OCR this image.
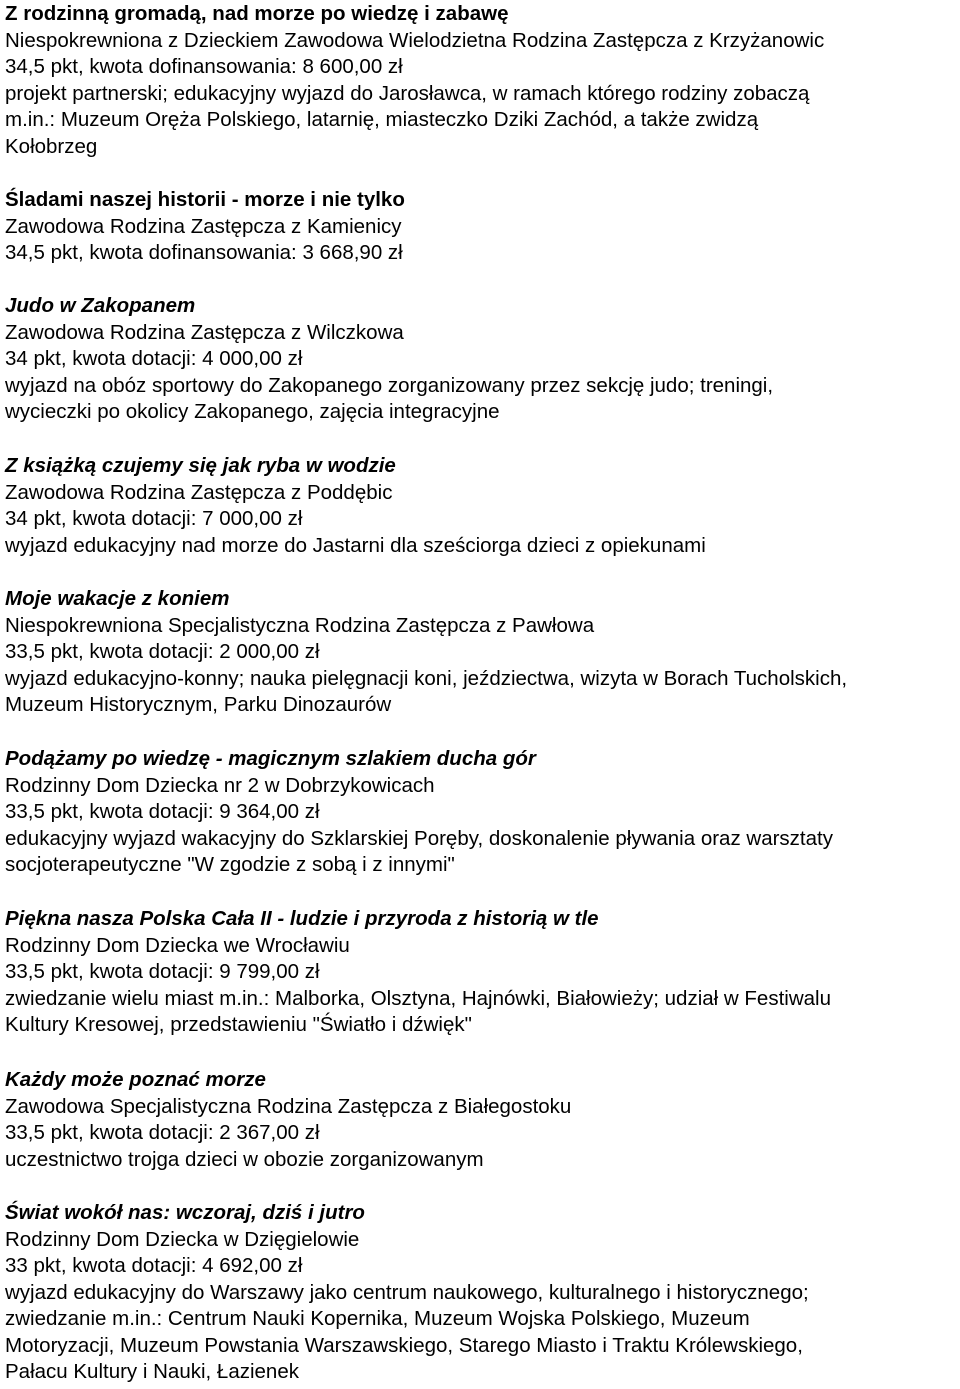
Z rodzinną gromadą, nad morze po wiedzę i zabawę
Niespokrewniona z Dzieckiem Zawodowa Wielodzietna Rodzina Zastępcza z Krzyżanowic
34,5 pkt, kwota dofinansowania: 8 600,00 zł
projekt partnerski; edukacyjny wyjazd do Jarosławca, w ramach którego rodziny zobaczą
m.in.: Muzeum Oręża Polskiego, latarnię, miasteczko Dziki Zachód, a także zwidzą
Kołobrzeg
Śladami naszej historii - morze i nie tylko
Zawodowa Rodzina Zastępcza z Kamienicy
34,5 pkt, kwota dofinansowania: 3 668,90 zł
Judo w Zakopanem
Zawodowa Rodzina Zastępcza z Wilczkowa
34 pkt, kwota dotacji: 4 000,00 zł
wyjazd na obóz sportowy do Zakopanego zorganizowany przez sekcję judo; treningi,
wycieczki po okolicy Zakopanego, zajęcia integracyjne
Z książką czujemy się jak ryba w wodzie
Zawodowa Rodzina Zastępcza z Poddębic
34 pkt, kwota dotacji: 7 000,00 zł
wyjazd edukacyjny nad morze do Jastarni dla sześciorga dzieci z opiekunami
Moje wakacje z koniem
Niespokrewniona Specjalistyczna Rodzina Zastępcza z Pawłowa
33,5 pkt, kwota dotacji: 2 000,00 zł
wyjazd edukacyjno-konny; nauka pielęgnacji koni, jeździectwa, wizyta w Borach Tucholskich,
Muzeum Historycznym, Parku Dinozaurów
Podążamy po wiedzę - magicznym szlakiem ducha gór
Rodzinny Dom Dziecka nr 2 w Dobrzykowicach
33,5 pkt, kwota dotacji: 9 364,00 zł
edukacyjny wyjazd wakacyjny do Szklarskiej Poręby, doskonalenie pływania oraz warsztaty
socjoterapeutyczne "W zgodzie z sobą i z innymi"
Piękna nasza Polska Cała II - ludzie i przyroda z historią w tle
Rodzinny Dom Dziecka we Wrocławiu
33,5 pkt, kwota dotacji: 9 799,00 zł
zwiedzanie wielu miast m.in.: Malborka, Olsztyna, Hajnówki, Białowieży; udział w Festiwalu
Kultury Kresowej, przedstawieniu "Światło i dźwięk"
Każdy może poznać morze
Zawodowa Specjalistyczna Rodzina Zastępcza z Białegostoku
33,5 pkt, kwota dotacji: 2 367,00 zł
uczestnictwo trojga dzieci w obozie zorganizowanym
Świat wokół nas: wczoraj, dziś i jutro
Rodzinny Dom Dziecka w Dzięgielowie
33 pkt, kwota dotacji: 4 692,00 zł
wyjazd edukacyjny do Warszawy jako centrum naukowego, kulturalnego i historycznego;
zwiedzanie m.in.: Centrum Nauki Kopernika, Muzeum Wojska Polskiego, Muzeum
Motoryzacji, Muzeum Powstania Warszawskiego, Starego Miasto i Traktu Królewskiego,
Pałacu Kultury i Nauki, Łazienek
